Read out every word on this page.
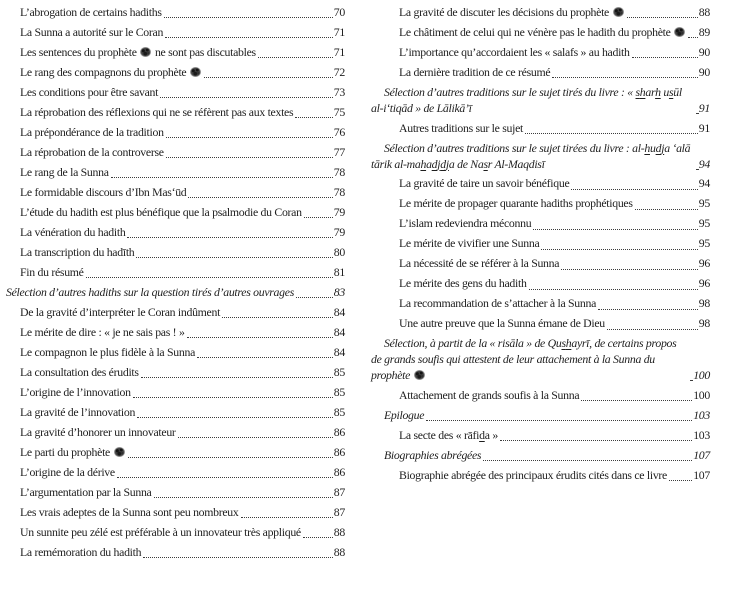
L’abrogation de certains hadiths	70
La Sunna a autorité sur le Coran	71
Les sentences du prophète  ne sont pas discutables	71
Le rang des compagnons du prophète	72
Les conditions pour être savant	73
La réprobation des réflexions qui ne se réfèrent pas aux textes	75
La prépondérance de la tradition	76
La réprobation de la controverse	77
Le rang de la Sunna	78
Le formidable discours d’Ibn Mas‘ūd	78
L’étude du hadith est plus bénéfique que la psalmodie du Coran	79
La vénération du hadith	79
La transcription du hadīth	80
Fin du résumé	81
Sélection d’autres hadiths sur la question tirés d’autres ouvrages	83
De la gravité d’interpréter le Coran indûment	84
Le mérite de dire : « je ne sais pas ! »	84
Le compagnon le plus fidèle à la Sunna	84
La consultation des érudits	85
L’origine de l’innovation	85
La gravité de l’innovation	85
La gravité d’honorer un innovateur	86
Le parti du prophète	86
L’origine de la dérive	86
L’argumentation par la Sunna	87
Les vrais adeptes de la Sunna sont peu nombreux	87
Un sunnite peu zélé est préférable à un innovateur très appliqué	88
La remémoration du hadith	88
La gravité de discuter les décisions du prophète	88
Le châtiment de celui qui ne vénère pas le hadith du prophète	89
L’importance qu’accordaient les « salafs » au hadith	90
La dernière tradition de ce résumé	90
Sélection d’autres traditions sur le sujet tirés du livre : « sharh usūl al-i‘tiqād » de Lālikā’ī	91
Autres traditions sur le sujet	91
Sélection d’autres traditions sur le sujet tirées du livre : al-hudja ‘alā tārik al-mahadjdja de Nasr Al-Maqdisī	94
La gravité de taire un savoir bénéfique	94
Le mérite de propager quarante hadiths prophétiques	95
L’islam redeviendra méconnu	95
Le mérite de vivifier une Sunna	95
La nécessité de se référer à la Sunna	96
Le mérite des gens du hadith	96
La recommandation de s’attacher à la Sunna	98
Une autre preuve que la Sunna émane de Dieu	98
Sélection, à partit de la « risāla » de Qushayrī, de certains propos de grands soufis qui attestent de leur attachement à la Sunna du prophète	100
Attachement de grands soufis à la Sunna	100
Epilogue	103
La secte des « rāfida »	103
Biographies abrégées	107
Biographie abrégée des principaux érudits cités dans ce livre 107
